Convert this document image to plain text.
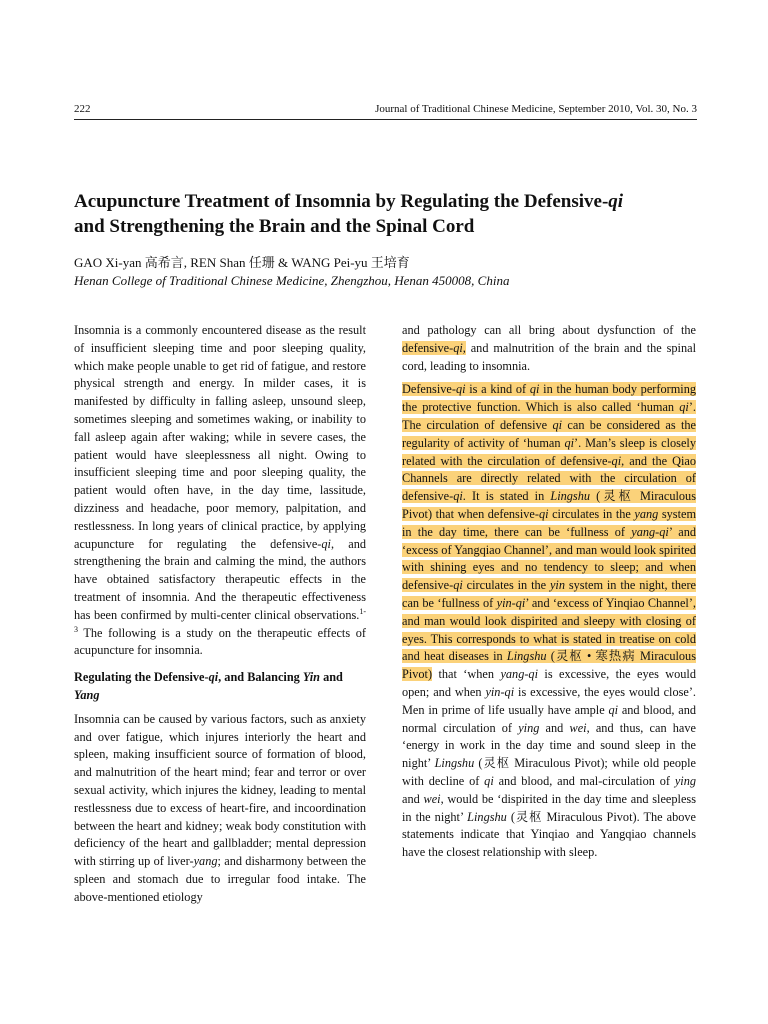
222	Journal of Traditional Chinese Medicine, September 2010, Vol. 30, No. 3
Acupuncture Treatment of Insomnia by Regulating the Defensive-qi
and Strengthening the Brain and the Spinal Cord
GAO Xi-yan 高希言, REN Shan 任珊 & WANG Pei-yu 王培育
Henan College of Traditional Chinese Medicine, Zhengzhou, Henan 450008, China

Insomnia is a commonly encountered disease as the result of insufficient sleeping time and poor sleeping quality, which make people unable to get rid of fatigue, and restore physical strength and energy. In milder cases, it is manifested by difficulty in falling asleep, unsound sleep, sometimes sleeping and sometimes waking, or inability to fall asleep again after waking; while in severe cases, the patient would have sleeplessness all night. Owing to insufficient sleeping time and poor sleeping quality, the patient would often have, in the day time, lassitude, dizziness and headache, poor memory, palpitation, and restlessness. In long years of clinical practice, by applying acupuncture for regulating the defensive-qi, and strengthening the brain and calming the mind, the authors have obtained satisfactory therapeutic effects in the treatment of insomnia. And the therapeutic effectiveness has been confirmed by multi-center clinical observations.$^{1-3}$ The following is a study on the therapeutic effects of acupuncture for insomnia.

Regulating the Defensive-qi, and Balancing Yin and Yang

Insomnia can be caused by various factors, such as anxiety and over fatigue, which injures interiorly the heart and spleen, making insufficient source of formation of blood, and malnutrition of the heart mind; fear and terror or over sexual activity, which injures the kidney, leading to mental restlessness due to excess of heart-fire, and incoordination between the heart and kidney; weak body constitution with deficiency of the heart and gallbladder; mental depression with stirring up of liver-yang; and disharmony between the spleen and stomach due to irregular food intake. The above-mentioned etiology

and pathology can all bring about dysfunction of the defensive-qi, and malnutrition of the brain and the spinal cord, leading to insomnia.

Defensive-qi is a kind of qi in the human body performing the protective function. Which is also called ‘human qi’. The circulation of defensive qi can be considered as the regularity of activity of ‘human qi’. Man’s sleep is closely related with the circulation of defensive-qi, and the Qiao Channels are directly related with the circulation of defensive-qi. It is stated in Lingshu (灵枢 Miraculous Pivot) that when defensive-qi circulates in the yang system in the day time, there can be ‘fullness of yang-qi’ and ‘excess of Yangqiao Channel’, and man would look spirited with shining eyes and no tendency to sleep; and when defensive-qi circulates in the yin system in the night, there can be ‘fullness of yin-qi’ and ‘excess of Yinqiao Channel’, and man would look dispirited and sleepy with closing of eyes. This corresponds to what is stated in treatise on cold and heat diseases in Lingshu (灵枢 • 寒热病 Miraculous Pivot) that ‘when yang-qi is excessive, the eyes would open; and when yin-qi is excessive, the eyes would close’. Men in prime of life usually have ample qi and blood, and normal circulation of ying and wei, and thus, can have ‘energy in work in the day time and sound sleep in the night’ Lingshu (灵枢 Miraculous Pivot); while old people with decline of qi and blood, and mal-circulation of ying and wei, would be ‘dispirited in the day time and sleepless in the night’ Lingshu (灵枢 Miraculous Pivot). The above statements indicate that Yinqiao and Yangqiao channels have the closest relationship with sleep.
